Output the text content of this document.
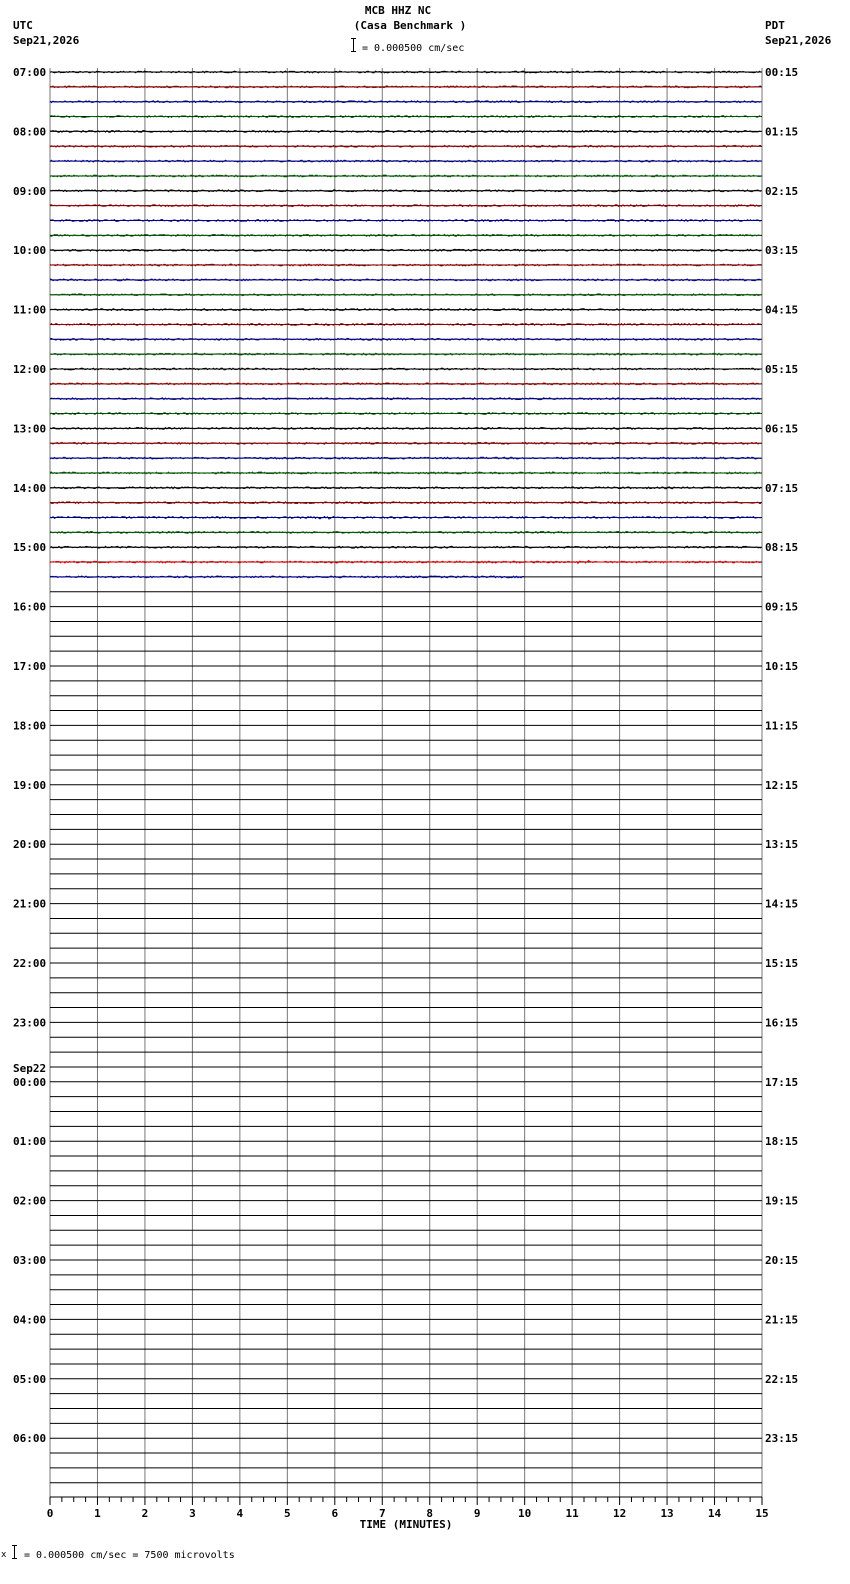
UTC
Sep21,2026
PDT
Sep21,2026
MCB HHZ NC
(Casa Benchmark )
= 0.000500 cm/sec
0	1	2	3	4	5	6	7	8	9	10	11	12	13	14	15
TIME (MINUTES)
07:00
08:00
09:00
10:00
11:00
12:00
13:00
14:00
15:00
16:00
17:00
18:00
19:00
20:00
21:00
22:00
23:00
00:00
Sep22
01:00
02:00
03:00
04:00
05:00
06:00
00:15
01:15
02:15
03:15
04:15
05:15
06:15
07:15
08:15
09:15
10:15
11:15
12:15
13:15
14:15
15:15
16:15
17:15
18:15
19:15
20:15
21:15
22:15
23:15
x = 0.000500 cm/sec = 7500 microvolts
